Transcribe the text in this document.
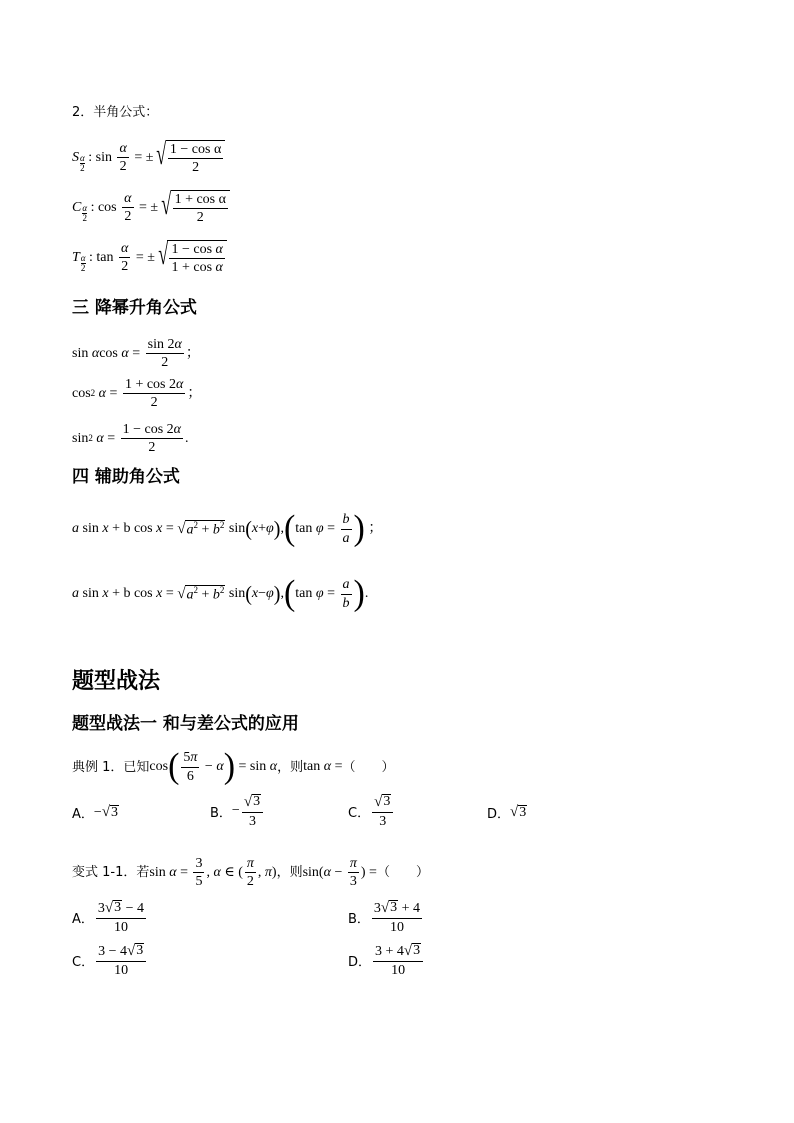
2．半角公式：
S α
2
: $\sin \frac{\alpha}{2}$ = ± √ 1 − cos α
2
C α
2
: $\cos \frac{\alpha}{2}$ = ± √ 1 + cos α
2
T α
2
: $\tan \frac{\alpha}{2}$ = ± √ 1 − cos α
1 + cos α
三 降幂升角公式
sin α cos α =
sin 2α
2
；
cos 2
α =
1 + cos 2α
2
；
sin 2
α =
1 − cos 2α
2
.
四 辅助角公式
a sin x + b cos x = √ $a^2 + b^2$ sin ( x + φ ) , ( tan φ =
b
a ) ；
a sin x + b cos x = √ $a^2 + b^2$ sin ( x − φ ) , ( tan φ =
a
b ) .
题型战法
题型战法一 和与差公式的应用
典例 1．已知 cos ( 5π
6
− α ) = sin α ，则 tan α = （　　）
A． − √ 3	B． −
√ 3
3
C．
√ 3
3	D． √ 3
变式 1-1．若 sin α =
3
5
, α ∈ (
π
2
, π ) ，则 sin( α −
π
3
) = （　　）
A．
3 √ 3 − 4
10
B．
3 √ 3 + 4
10
C．
3 − 4 √ 3
10
D．
3 + 4 √ 3
10
